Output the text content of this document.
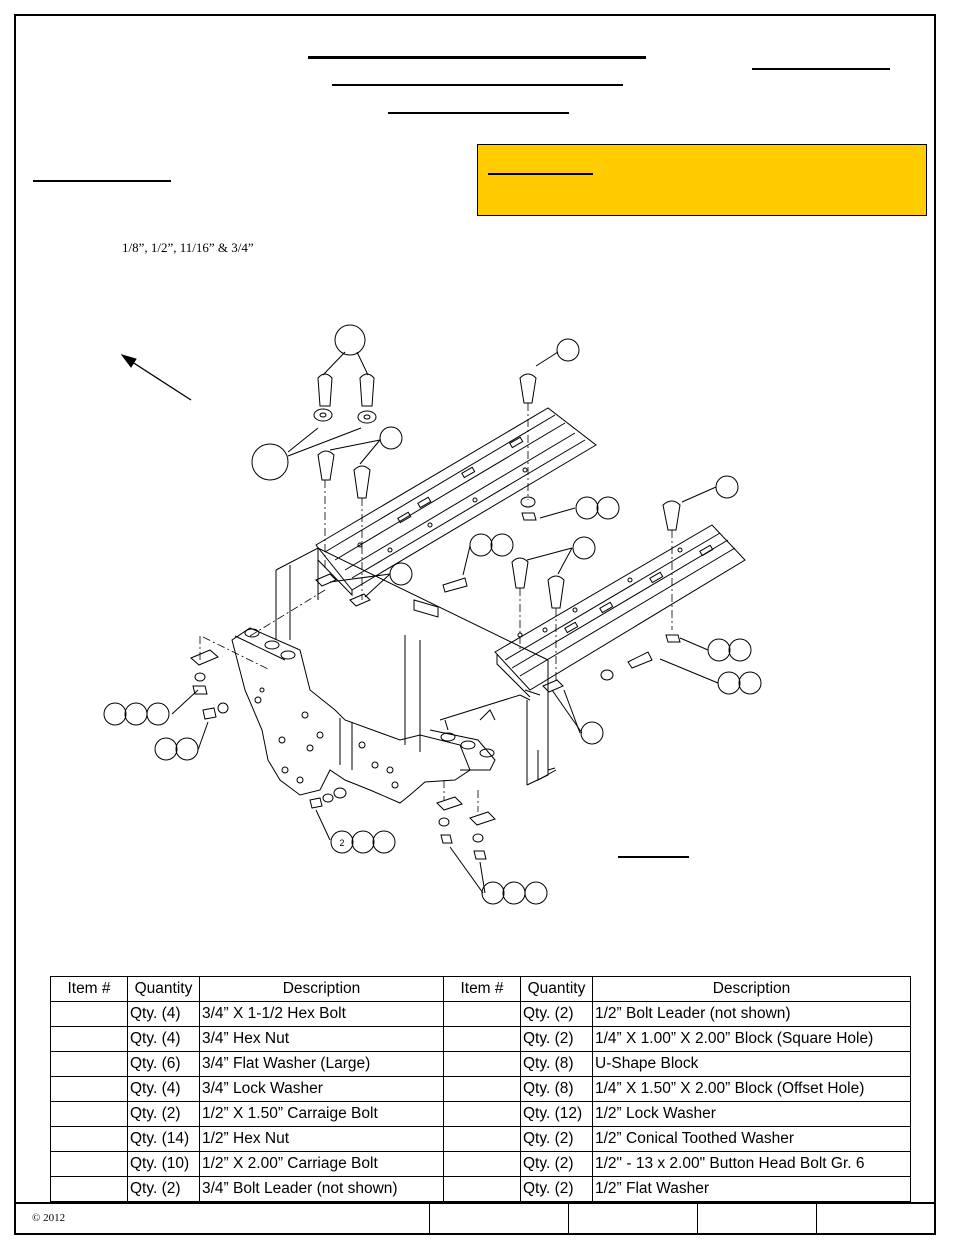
1/8”, 1/2”, 11/16” & 3/4”
2
Item #	Quantity	Description	Item #	Quantity	Description
	Qty. (4)	3/4” X 1-1/2 Hex Bolt		Qty. (2)	1/2” Bolt Leader (not shown)
	Qty. (4)	3/4” Hex Nut		Qty. (2)	1/4” X 1.00” X 2.00” Block (Square Hole)
	Qty. (6)	3/4” Flat Washer (Large)		Qty. (8)	U-Shape Block
	Qty. (4)	3/4” Lock Washer		Qty. (8)	1/4” X 1.50” X 2.00” Block (Offset Hole)
	Qty. (2)	1/2” X 1.50” Carraige Bolt		Qty. (12)	1/2” Lock Washer
	Qty. (14)	1/2” Hex Nut		Qty. (2)	1/2” Conical Toothed Washer
	Qty. (10)	1/2” X 2.00” Carriage Bolt		Qty. (2)	1/2" - 13 x 2.00" Button Head Bolt Gr. 6
	Qty. (2)	3/4” Bolt Leader (not shown)		Qty. (2)	1/2” Flat Washer
© 2012
